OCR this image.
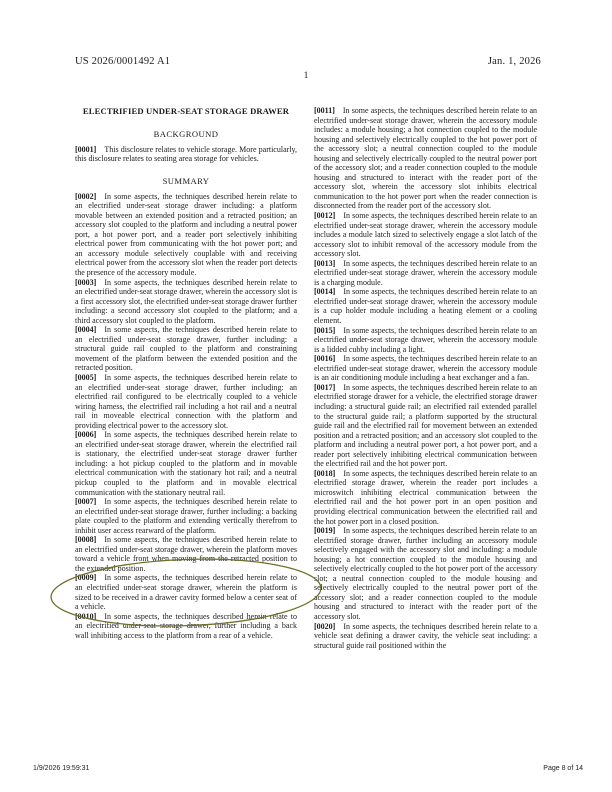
US 2026/0001492 A1	Jan. 1, 2026
1
ELECTRIFIED UNDER-SEAT STORAGE DRAWER
BACKGROUND

[0001] This disclosure relates to vehicle storage. More particularly, this disclosure relates to seating area storage for vehicles.

SUMMARY

[0002] In some aspects, the techniques described herein relate to an electrified under-seat storage drawer including: a platform movable between an extended position and a retracted position; an accessory slot coupled to the platform and including a neutral power port, a hot power port, and a reader port selectively inhibiting electrical power from communicating with the hot power port; and an accessory module selectively couplable with and receiving electrical power from the accessory slot when the reader port detects the presence of the accessory module.

[0003] In some aspects, the techniques described herein relate to an electrified under-seat storage drawer, wherein the accessory slot is a first accessory slot, the electrified under-seat storage drawer further including: a second accessory slot coupled to the platform; and a third accessory slot coupled to the platform.

[0004] In some aspects, the techniques described herein relate to an electrified under-seat storage drawer, further including: a structural guide rail coupled to the platform and constraining movement of the platform between the extended position and the retracted position.

[0005] In some aspects, the techniques described herein relate to an electrified under-seat storage drawer, further including: an electrified rail configured to be electrically coupled to a vehicle wiring harness, the electrified rail including a hot rail and a neutral rail in moveable electrical connection with the platform and providing electrical power to the accessory slot.

[0006] In some aspects, the techniques described herein relate to an electrified under-seat storage drawer, wherein the electrified rail is stationary, the electrified under-seat storage drawer further including: a hot pickup coupled to the platform and in movable electrical communication with the stationary hot rail; and a neutral pickup coupled to the platform and in movable electrical communication with the stationary neutral rail.

[0007] In some aspects, the techniques described herein relate to an electrified under-seat storage drawer, further including: a backing plate coupled to the platform and extending vertically therefrom to inhibit user access rearward of the platform.

[0008] In some aspects, the techniques described herein relate to an electrified under-seat storage drawer, wherein the platform moves toward a vehicle front when moving from the retracted position to the extended position.

[0009] In some aspects, the techniques described herein relate to an electrified under-seat storage drawer, wherein the platform is sized to be received in a drawer cavity formed below a center seat of a vehicle.

[0010] In some aspects, the techniques described herein relate to an electrified under-seat storage drawer, further including a back wall inhibiting access to the platform from a rear of a vehicle.

[0011] In some aspects, the techniques described herein relate to an electrified under-seat storage drawer, wherein the accessory module includes: a module housing; a hot connection coupled to the module housing and selectively electrically coupled to the hot power port of the accessory slot; a neutral connection coupled to the module housing and selectively electrically coupled to the neutral power port of the accessory slot; and a reader connection coupled to the module housing and structured to interact with the reader port of the accessory slot, wherein the accessory slot inhibits electrical communication to the hot power port when the reader connection is disconnected from the reader port of the accessory slot.

[0012] In some aspects, the techniques described herein relate to an electrified under-seat storage drawer, wherein the accessory module includes a module latch sized to selectively engage a slot latch of the accessory slot to inhibit removal of the accessory module from the accessory slot.

[0013] In some aspects, the techniques described herein relate to an electrified under-seat storage drawer, wherein the accessory module is a charging module.

[0014] In some aspects, the techniques described herein relate to an electrified under-seat storage drawer, wherein the accessory module is a cup holder module including a heating element or a cooling element.

[0015] In some aspects, the techniques described herein relate to an electrified under-seat storage drawer, wherein the accessory module is a lidded cubby including a light.

[0016] In some aspects, the techniques described herein relate to an electrified under-seat storage drawer, wherein the accessory module is an air conditioning module including a heat exchanger and a fan.

[0017] In some aspects, the techniques described herein relate to an electrified storage drawer for a vehicle, the electrified storage drawer including: a structural guide rail; an electrified rail extended parallel to the structural guide rail; a platform supported by the structural guide rail and the electrified rail for movement between an extended position and a retracted position; and an accessory slot coupled to the platform and including a neutral power port, a hot power port, and a reader port selectively inhibiting electrical communication between the electrified rail and the hot power port.

[0018] In some aspects, the techniques described herein relate to an electrified storage drawer, wherein the reader port includes a microswitch inhibiting electrical communication between the electrified rail and the hot power port in an open position and providing electrical communication between the electrified rail and the hot power port in a closed position.

[0019] In some aspects, the techniques described herein relate to an electrified storage drawer, further including an accessory module selectively engaged with the accessory slot and including: a module housing; a hot connection coupled to the module housing and selectively electrically coupled to the hot power port of the accessory slot; a neutral connection coupled to the module housing and selectively electrically coupled to the neutral power port of the accessory slot; and a reader connection coupled to the module housing and structured to interact with the reader port of the accessory slot.

[0020] In some aspects, the techniques described herein relate to a vehicle seat defining a drawer cavity, the vehicle seat including: a structural guide rail positioned within the

1/9/2026 19:59:31	Page 8 of 14
